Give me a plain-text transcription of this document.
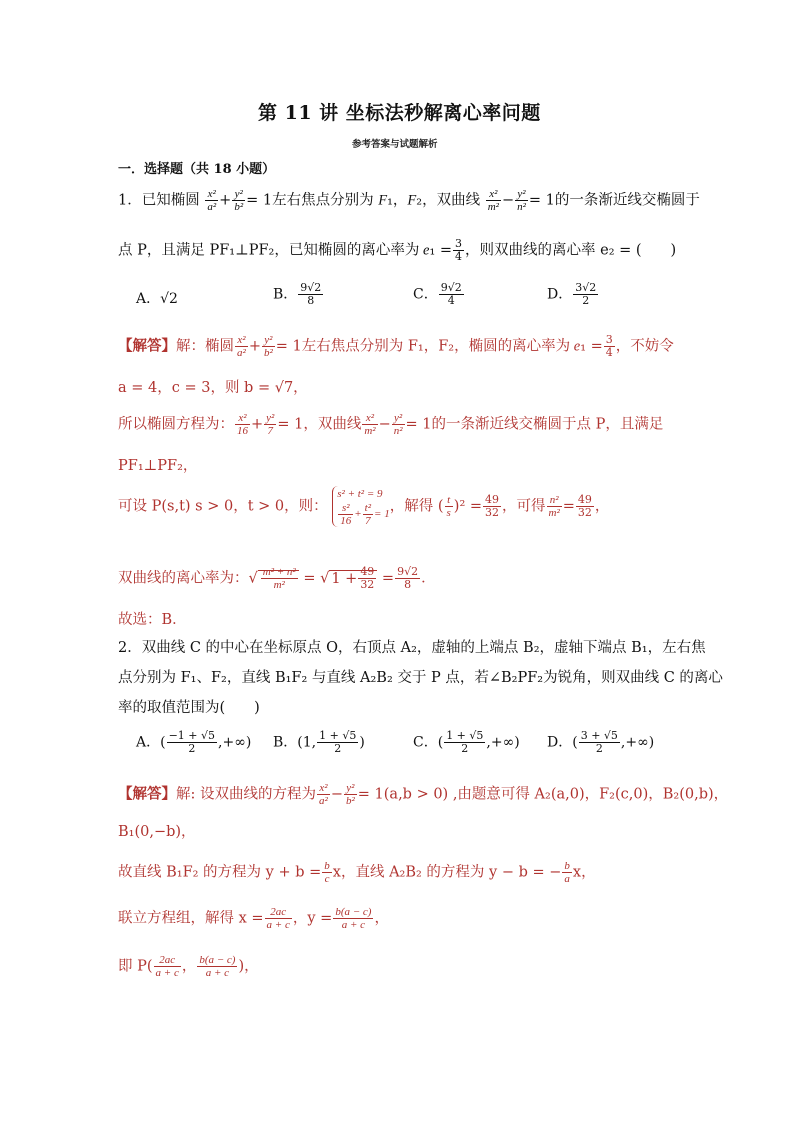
第 11 讲 坐标法秒解离心率问题
参考答案与试题解析
一．选择题（共 18 小题）
1．已知椭圆 $\frac{\text{x²}}{\text{a²}} + \frac{\text{y²}}{\text{b²}} = 1$左右焦点分别为 F₁，F₂，双曲线 $\frac{\text{x²}}{\text{m²}} - \frac{\text{y²}}{\text{n²}} = 1$的一条渐近线交椭圆于
点 P，且满足 PF₁⊥PF₂，已知椭圆的离心率为 $e_1 = \frac{3}{4}$ ，则双曲线的离心率 e₂ = (　　)
A．√2	B． $\frac{9√2}{8}$	C． $\frac{9√2}{4}$	D． $\frac{3√2}{2}$
【解答】解：椭圆 $\frac{\text{x²}}{\text{a²}} + \frac{\text{y²}}{\text{b²}} = 1$左右焦点分别为 F₁，F₂，椭圆的离心率为 $e_1 = \frac{3}{4}$ ，不妨令
a = 4，c = 3，则 b = √7，
所以椭圆方程为： $\frac{\text{x²}}{16} + \frac{\text{y²}}{7} = 1$，双曲线 $\frac{\text{x²}}{\text{m²}} - \frac{\text{y²}}{\text{n²}} = 1$的一条渐近线交椭圆于点 P，且满足
PF₁⊥PF₂，
可设 P(s,t) s > 0，t > 0，则： s² + t² = 9

$\frac{\text{s²}}{16} + \frac{\text{t²}}{7} = 1$，解得 ( $\frac{t}{s} )^2 = \frac{49}{32}$ ，可得 $\frac{\text{n²}}{\text{m²}} = \frac{49}{32}$ ，
双曲线的离心率为：√ $\frac{\text{m² + n²}}{\text{m²}}$ = √ $1 + \frac{49}{32} = \frac{9√2}{8}$ ．
故选：B．
2．双曲线 C 的中心在坐标原点 O，右顶点 A₂，虚轴的上端点 B₂，虚轴下端点 B₁，左右焦
点分别为 F₁、F₂，直线 B₁F₂ 与直线 A₂B₂ 交于 P 点，若∠B₂PF₂为锐角，则双曲线 C 的离心
率的取值范围为(　　)
A．( $\frac{-1 + √5}{2}$ ,+∞) B．(1, $\frac{1 + √5}{2}$ )	C．( $\frac{1 + √5}{2}$ ,+∞) D．( $\frac{3 + √5}{2}$ ,+∞)
【解答】解: 设双曲线的方程为 $\frac{\text{x²}}{\text{a²}} - \frac{\text{y²}}{\text{b²}} = 1(a,b > 0)$ ,由题意可得 A₂(a,0)，F₂(c,0)，B₂(0,b)，
B₁(0,−b)，
故直线 B₁F₂ 的方程为 $y + b = \frac{b}{c}$ x，直线 A₂B₂ 的方程为 y − b = − $\frac{b}{a}$ x，
联立方程组，解得 $x = \frac{2ac}{a + c}$ ，$y = \frac{b(a - c)}{a + c}$ ，
即 $P( \frac{2ac}{a + c}$ ， $\frac{b(a - c)}{a + c}$ )，
